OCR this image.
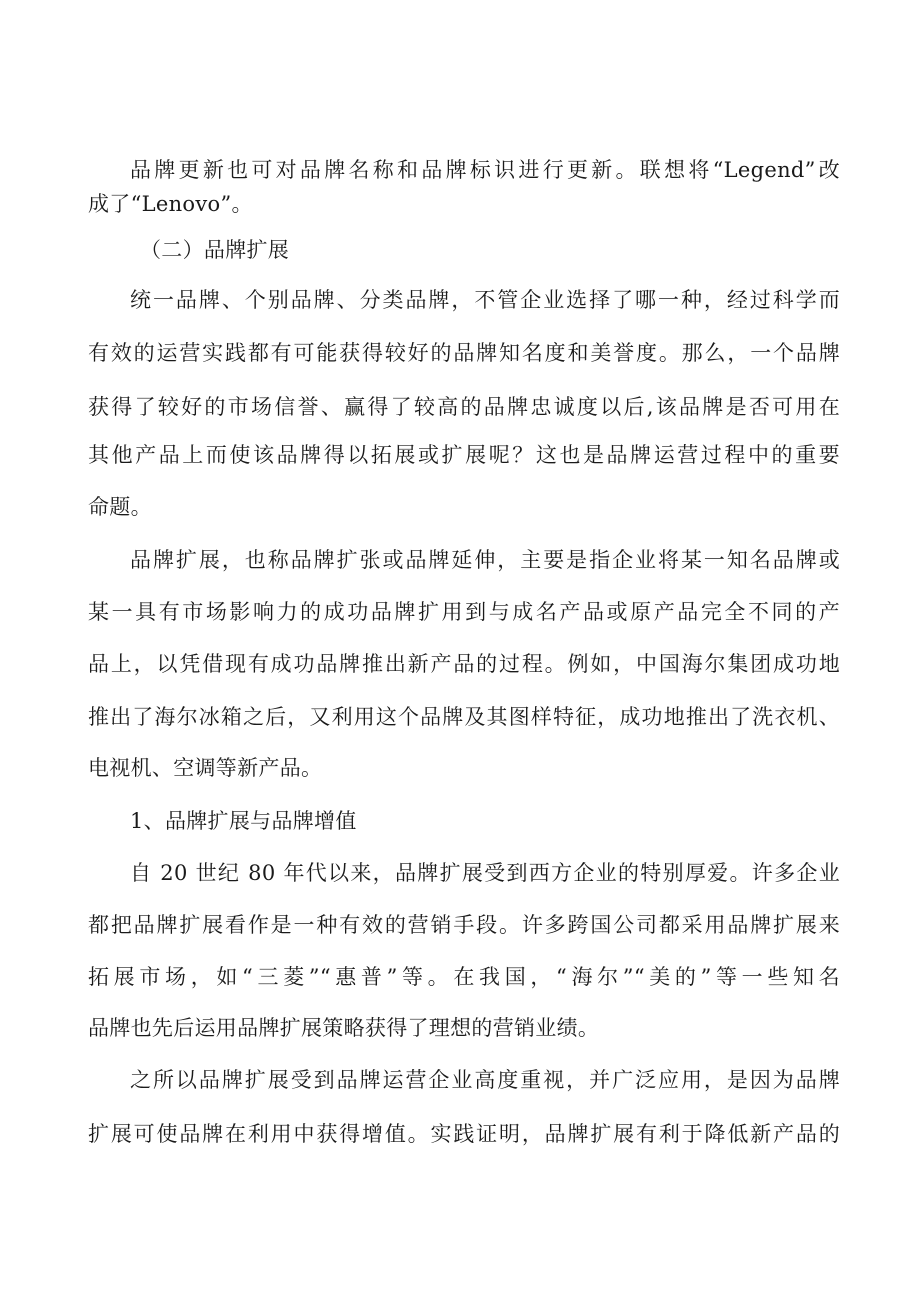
品牌更新也可对品牌名称和品牌标识进行更新。联想将“Legend”改
成了“Lenovo”。
（二）品牌扩展
统一品牌、个别品牌、分类品牌，不管企业选择了哪一种，经过科学而
有效的运营实践都有可能获得较好的品牌知名度和美誉度。那么，一个品牌
获得了较好的市场信誉、赢得了较高的品牌忠诚度以后,该品牌是否可用在
其他产品上而使该品牌得以拓展或扩展呢？这也是品牌运营过程中的重要
命题。
品牌扩展，也称品牌扩张或品牌延伸，主要是指企业将某一知名品牌或
某一具有市场影响力的成功品牌扩用到与成名产品或原产品完全不同的产
品上，以凭借现有成功品牌推出新产品的过程。例如，中国海尔集团成功地
推出了海尔冰箱之后，又利用这个品牌及其图样特征，成功地推出了洗衣机、
电视机、空调等新产品。
1、品牌扩展与品牌增值
自 20 世纪 80 年代以来，品牌扩展受到西方企业的特别厚爱。许多企业
都把品牌扩展看作是一种有效的营销手段。许多跨国公司都采用品牌扩展来
拓展市场，如“三菱”“惠普”等。在我国，“海尔”“美的”等一些知名
品牌也先后运用品牌扩展策略获得了理想的营销业绩。
之所以品牌扩展受到品牌运营企业高度重视，并广泛应用，是因为品牌
扩展可使品牌在利用中获得增值。实践证明，品牌扩展有利于降低新产品的
